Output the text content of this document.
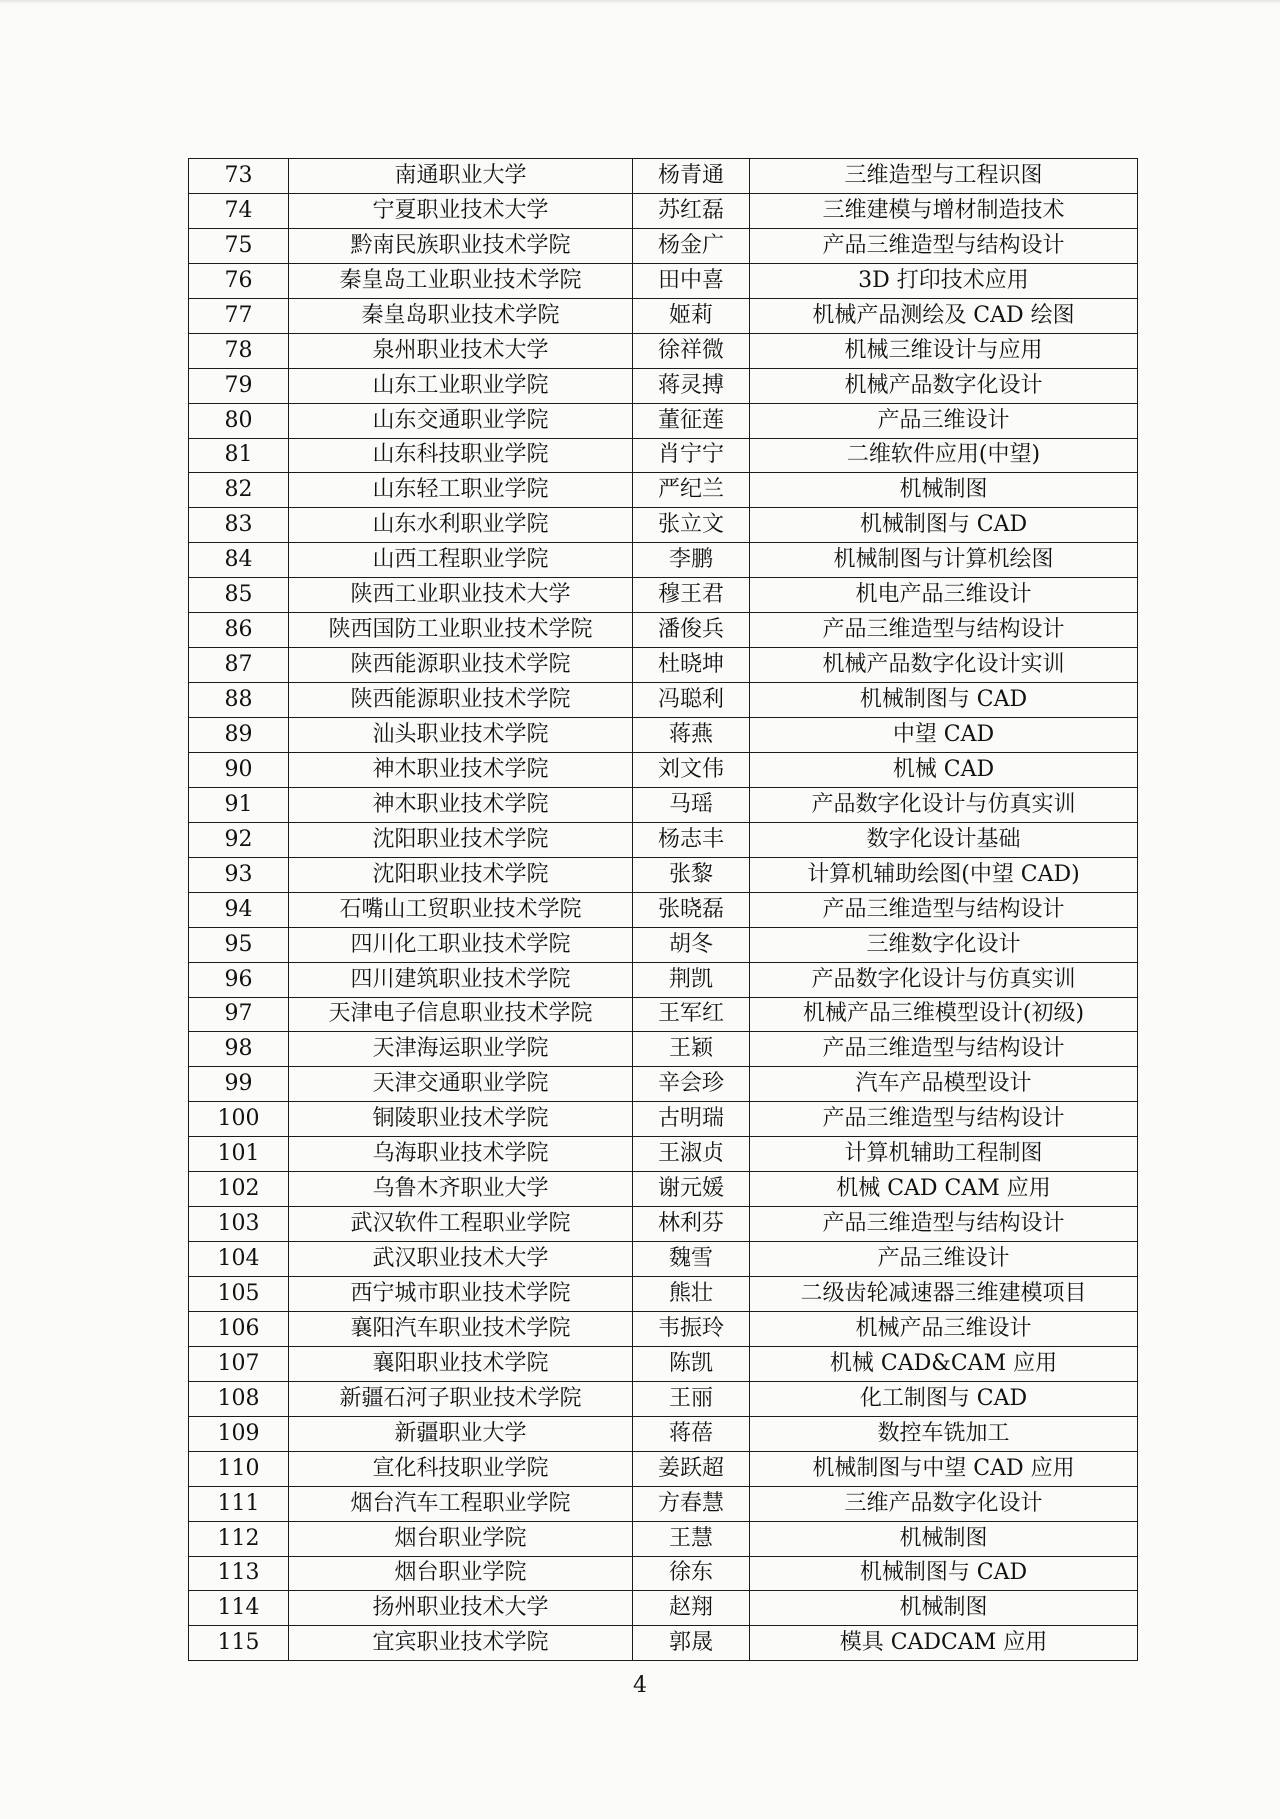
73	南通职业大学	杨青通	三维造型与工程识图
74	宁夏职业技术大学	苏红磊	三维建模与增材制造技术
75	黔南民族职业技术学院	杨金广	产品三维造型与结构设计
76	秦皇岛工业职业技术学院	田中喜	3D 打印技术应用
77	秦皇岛职业技术学院	姬莉	机械产品测绘及 CAD 绘图
78	泉州职业技术大学	徐祥微	机械三维设计与应用
79	山东工业职业学院	蒋灵搏	机械产品数字化设计
80	山东交通职业学院	董征莲	产品三维设计
81	山东科技职业学院	肖宁宁	二维软件应用(中望)
82	山东轻工职业学院	严纪兰	机械制图
83	山东水利职业学院	张立文	机械制图与 CAD
84	山西工程职业学院	李鹏	机械制图与计算机绘图
85	陕西工业职业技术大学	穆王君	机电产品三维设计
86	陕西国防工业职业技术学院	潘俊兵	产品三维造型与结构设计
87	陕西能源职业技术学院	杜晓坤	机械产品数字化设计实训
88	陕西能源职业技术学院	冯聪利	机械制图与 CAD
89	汕头职业技术学院	蒋燕	中望 CAD
90	神木职业技术学院	刘文伟	机械 CAD
91	神木职业技术学院	马瑶	产品数字化设计与仿真实训
92	沈阳职业技术学院	杨志丰	数字化设计基础
93	沈阳职业技术学院	张黎	计算机辅助绘图(中望 CAD)
94	石嘴山工贸职业技术学院	张晓磊	产品三维造型与结构设计
95	四川化工职业技术学院	胡冬	三维数字化设计
96	四川建筑职业技术学院	荆凯	产品数字化设计与仿真实训
97	天津电子信息职业技术学院	王军红	机械产品三维模型设计(初级)
98	天津海运职业学院	王颖	产品三维造型与结构设计
99	天津交通职业学院	辛会珍	汽车产品模型设计
100	铜陵职业技术学院	古明瑞	产品三维造型与结构设计
101	乌海职业技术学院	王淑贞	计算机辅助工程制图
102	乌鲁木齐职业大学	谢元媛	机械 CAD CAM 应用
103	武汉软件工程职业学院	林利芬	产品三维造型与结构设计
104	武汉职业技术大学	魏雪	产品三维设计
105	西宁城市职业技术学院	熊壮	二级齿轮减速器三维建模项目
106	襄阳汽车职业技术学院	韦振玲	机械产品三维设计
107	襄阳职业技术学院	陈凯	机械 CAD&CAM 应用
108	新疆石河子职业技术学院	王丽	化工制图与 CAD
109	新疆职业大学	蒋蓓	数控车铣加工
110	宣化科技职业学院	姜跃超	机械制图与中望 CAD 应用
111	烟台汽车工程职业学院	方春慧	三维产品数字化设计
112	烟台职业学院	王慧	机械制图
113	烟台职业学院	徐东	机械制图与 CAD
114	扬州职业技术大学	赵翔	机械制图
115	宜宾职业技术学院	郭晟	模具 CADCAM 应用
4
